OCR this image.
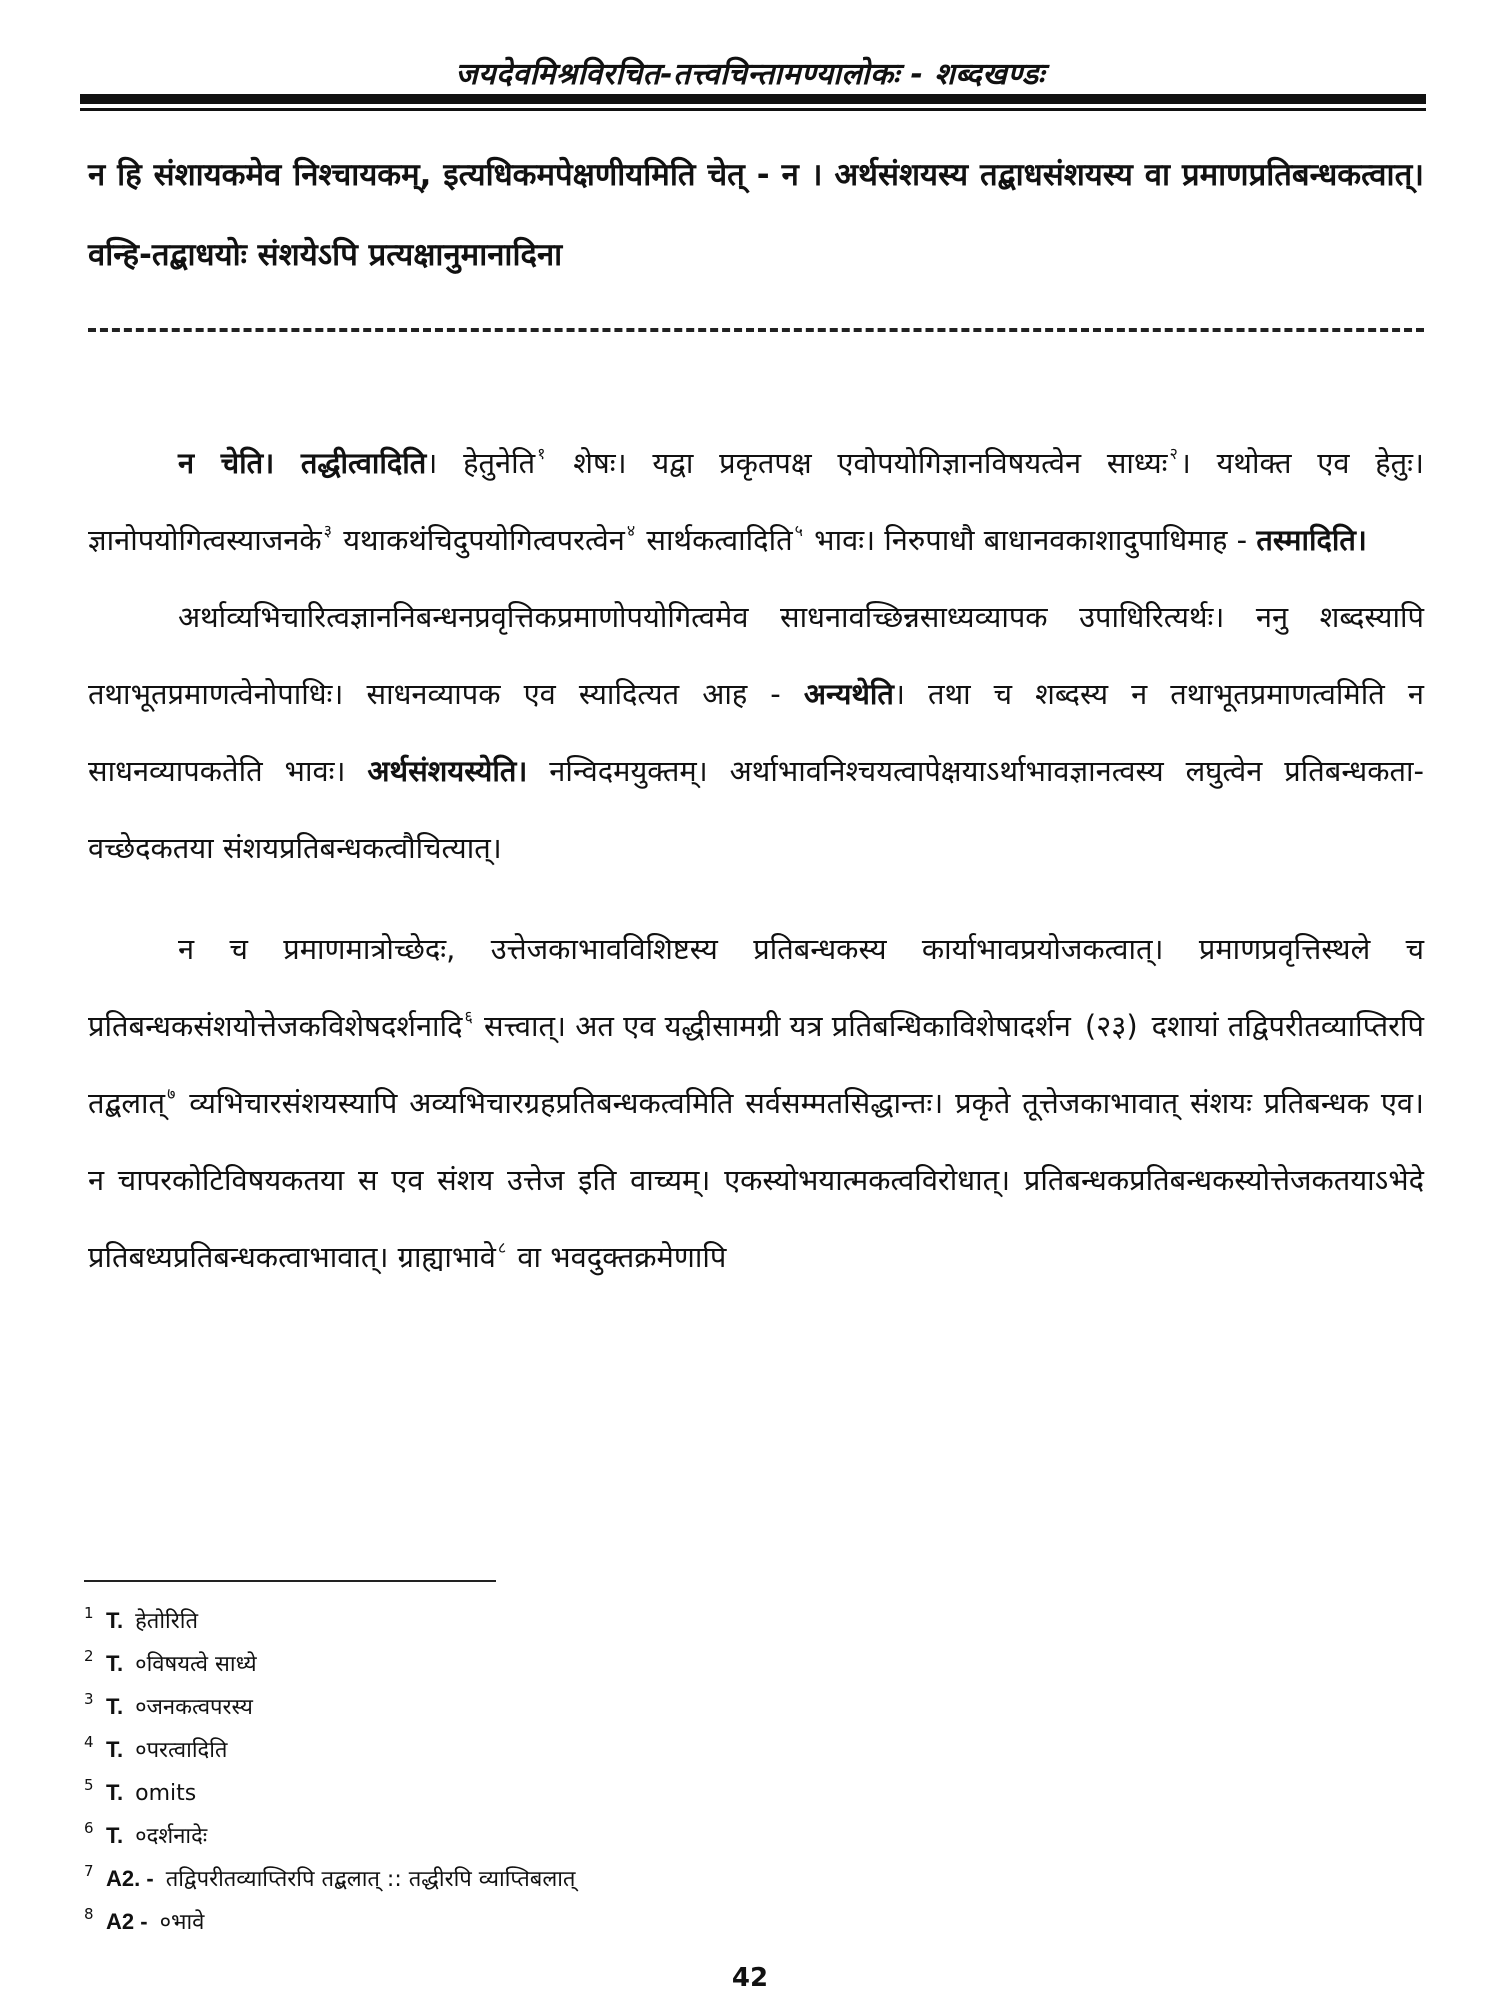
जयदेवमिश्रविरचित-तत्त्वचिन्तामण्यालोकः - शब्दखण्डः
न हि संशायकमेव निश्चायकम्, इत्यधिकमपेक्षणीयमिति चेत् - न । अर्थसंशयस्य तद्बाधसंशयस्य वा प्रमाणप्रतिबन्धकत्वात्। वन्हि-तद्बाधयोः संशयेऽपि प्रत्यक्षानुमानादिना

न चेति। तद्धीत्वादिति। हेतुनेति $^१$ शेषः। यद्वा प्रकृतपक्ष एवोपयोगिज्ञानविषयत्वेन साध्यः $^२$। यथोक्त एव हेतुः। ज्ञानोपयोगित्वस्याजनके $^३$ यथाकथंचिदुपयोगित्वपरत्वेन $^४$ सार्थकत्वादिति $^५$ भावः। निरुपाधौ बाधानवकाशादुपाधिमाह - तस्मादिति।

अर्थाव्यभिचारित्वज्ञाननिबन्धनप्रवृत्तिकप्रमाणोपयोगित्वमेव साधनावच्छिन्नसाध्यव्यापक उपाधिरित्यर्थः। ननु शब्दस्यापि तथाभूतप्रमाणत्वेनोपाधिः। साधनव्यापक एव स्यादित्यत आह - अन्यथेति। तथा च शब्दस्य न तथाभूतप्रमाणत्वमिति न साधनव्यापकतेति भावः। अर्थसंशयस्येति। नन्विदमयुक्तम्। अर्थाभावनिश्चयत्वापेक्षयाऽर्थाभावज्ञानत्वस्य लघुत्वेन प्रतिबन्धकता-वच्छेदकतया संशयप्रतिबन्धकत्वौचित्यात्।

न च प्रमाणमात्रोच्छेदः, उत्तेजकाभावविशिष्टस्य प्रतिबन्धकस्य कार्याभावप्रयोजकत्वात्। प्रमाणप्रवृत्तिस्थले च प्रतिबन्धकसंशयोत्तेजकविशेषदर्शनादि $^६$ सत्त्वात्। अत एव यद्धीसामग्री यत्र प्रतिबन्धिकाविशेषादर्शन (२३) दशायां तद्विपरीतव्याप्तिरपि तद्बलात् $^७$ व्यभिचारसंशयस्यापि अव्यभिचारग्रहप्रतिबन्धकत्वमिति सर्वसम्मतसिद्धान्तः। प्रकृते तूत्तेजकाभावात् संशयः प्रतिबन्धक एव। न चापरकोटिविषयकतया स एव संशय उत्तेज इति वाच्यम्। एकस्योभयात्मकत्वविरोधात्। प्रतिबन्धकप्रतिबन्धकस्योत्तेजकतयाऽभेदे प्रतिबध्यप्रतिबन्धकत्वाभावात्। ग्राह्याभावे $^८$ वा भवदुक्तक्रमेणापि

1 T. हेतोरिति
2 T. ०विषयत्वे साध्ये
3 T. ०जनकत्वपरस्य
4 T. ०परत्वादिति
5 T. omits
6 T. ०दर्शनादेः
7 A2. - तद्विपरीतव्याप्तिरपि तद्बलात् :: तद्धीरपि व्याप्तिबलात्
8 A2 - ०भावे
42
